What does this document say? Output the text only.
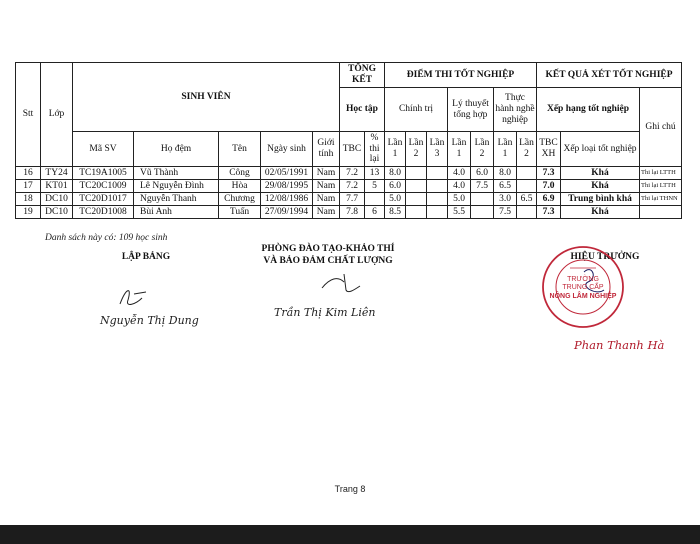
Stt	Lớp	SINH VIÊN					TỔNG KẾT		ĐIỂM THI TỐT NGHIỆP							KẾT QUẢ XÉT TỐT NGHIỆP		
							Học tập		Chính trị			Lý thuyết tổng hợp		Thực hành nghề nghiệp		Xếp hạng tốt nghiệp		Ghi chú
		Mã SV	Họ đệm	Tên	Ngày sinh	Giới tính	TBC	% thi lại	Lần 1	Lần 2	Lần 3	Lần 1	Lần 2	Lần 1	Lần 2	TBC XH	Xếp loại tốt nghiệp	
16	TY24	TC19A1005	Vũ Thành	Công	02/05/1991	Nam	7.2	13	8.0			4.0	6.0	8.0		7.3	Khá	Thi lại LTTH
17	KT01	TC20C1009	Lê Nguyễn Đình	Hòa	29/08/1995	Nam	7.2	5	6.0			4.0	7.5	6.5		7.0	Khá	Thi lại LTTH
18	DC10	TC20D1017	Nguyễn Thanh	Chương	12/08/1986	Nam	7.7		5.0			5.0		3.0	6.5	6.9	Trung bình khá	Thi lại THNN
19	DC10	TC20D1008	Bùi Anh	Tuấn	27/09/1994	Nam	7.8	6	8.5			5.5		7.5		7.3	Khá	
Danh sách này có: 109 học sinh
LẬP BẢNG
Nguyễn Thị Dung
PHÒNG ĐÀO TẠO-KHẢO THÍ
VÀ BẢO ĐẢM CHẤT LƯỢNG
Trần Thị Kim Liên
HIỆU TRƯỞNG
TRƯỜNG
TRUNG CẤP
NÔNG LÂM NGHIỆP
Phan Thanh Hà
Trang 8
